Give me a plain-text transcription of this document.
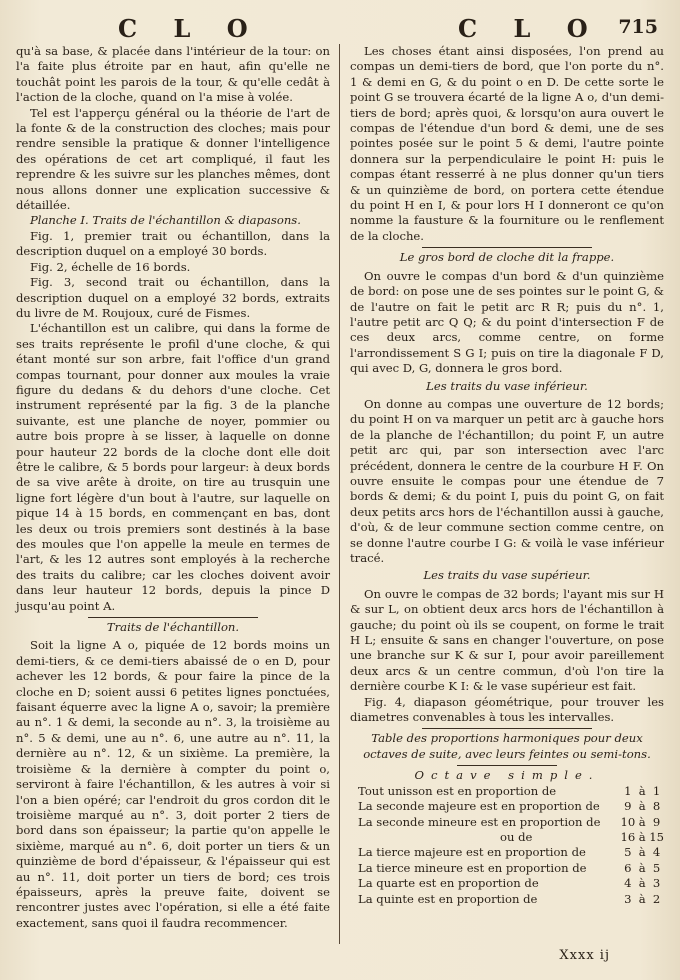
C L O	C L O 715

qu'à sa base, & placée dans l'intérieur de la tour: on l'a faite plus étroite par en haut, afin qu'elle ne touchât point les parois de la tour, & qu'elle cedât à l'action de la cloche, quand on l'a mise à volée.

Tel est l'apperçu général ou la théorie de l'art de la fonte & de la construction des cloches; mais pour rendre sensible la pratique & donner l'intelligence des opérations de cet art compliqué, il faut les reprendre & les suivre sur les planches mêmes, dont nous allons donner une explication successive & détaillée.

Planche I. Traits de l'échantillon & diapasons.

Fig. 1, premier trait ou échantillon, dans la description duquel on a employé 30 bords.

Fig. 2, échelle de 16 bords.

Fig. 3, second trait ou échantillon, dans la description duquel on a employé 32 bords, extraits du livre de M. Roujoux, curé de Fismes.

L'échantillon est un calibre, qui dans la forme de ses traits représente le profil d'une cloche, & qui étant monté sur son arbre, fait l'office d'un grand compas tournant, pour donner aux moules la vraie figure du dedans & du dehors d'une cloche. Cet instrument représenté par la fig. 3 de la planche suivante, est une planche de noyer, pommier ou autre bois propre à se lisser, à laquelle on donne pour hauteur 22 bords de la cloche dont elle doit être le calibre, & 5 bords pour largeur: à deux bords de sa vive arête à droite, on tire au trusquin une ligne fort légère d'un bout à l'autre, sur laquelle on pique 14 à 15 bords, en commençant en bas, dont les deux ou trois premiers sont destinés à la base des moules que l'on appelle la meule en termes de l'art, & les 12 autres sont employés à la recherche des traits du calibre; car les cloches doivent avoir dans leur hauteur 12 bords, depuis la pince D jusqu'au point A.

Traits de l'échantillon.

Soit la ligne A o, piquée de 12 bords moins un demi-tiers, & ce demi-tiers abaissé de o en D, pour achever les 12 bords, & pour faire la pince de la cloche en D; soient aussi 6 petites lignes ponctuées, faisant équerre avec la ligne A o, savoir; la première au n°. 1 & demi, la seconde au n°. 3, la troisième au n°. 5 & demi, une au n°. 6, une autre au n°. 11, la dernière au n°. 12, & un sixième. La première, la troisième & la dernière à compter du point o, serviront à faire l'échantillon, & les autres à voir si l'on a bien opéré; car l'endroit du gros cordon dit le troisième marqué au n°. 3, doit porter 2 tiers de bord dans son épaisseur; la partie qu'on appelle le sixième, marqué au n°. 6, doit porter un tiers & un quinzième de bord d'épaisseur, & l'épaisseur qui est au n°. 11, doit porter un tiers de bord; ces trois épaisseurs, après la preuve faite, doivent se rencontrer justes avec l'opération, si elle a été faite exactement, sans quoi il faudra recommencer.

Les choses étant ainsi disposées, l'on prend au compas un demi-tiers de bord, que l'on porte du n°. 1 & demi en G, & du point o en D. De cette sorte le point G se trouvera écarté de la ligne A o, d'un demi-tiers de bord; après quoi, & lorsqu'on aura ouvert le compas de l'étendue d'un bord & demi, une de ses pointes posée sur le point 5 & demi, l'autre pointe donnera sur la perpendiculaire le point H: puis le compas étant resserré à ne plus donner qu'un tiers & un quinzième de bord, on portera cette étendue du point H en I, & pour lors H I donneront ce qu'on nomme la fausture & la fourniture ou le renflement de la cloche.

Le gros bord de cloche dit la frappe.

On ouvre le compas d'un bord & d'un quinzième de bord: on pose une de ses pointes sur le point G, & de l'autre on fait le petit arc R R; puis du n°. 1, l'autre petit arc Q Q; & du point d'intersection F de ces deux arcs, comme centre, on forme l'arrondissement S G I; puis on tire la diagonale F D, qui avec D, G, donnera le gros bord.

Les traits du vase inférieur.

On donne au compas une ouverture de 12 bords; du point H on va marquer un petit arc à gauche hors de la planche de l'échantillon; du point F, un autre petit arc qui, par son intersection avec l'arc précédent, donnera le centre de la courbure H F. On ouvre ensuite le compas pour une étendue de 7 bords & demi; & du point I, puis du point G, on fait deux petits arcs hors de l'échantillon aussi à gauche, d'où, & de leur commune section comme centre, on se donne l'autre courbe I G: & voilà le vase inférieur tracé.

Les traits du vase supérieur.

On ouvre le compas de 32 bords; l'ayant mis sur H & sur L, on obtient deux arcs hors de l'échantillon à gauche; du point où ils se coupent, on forme le trait H L; ensuite & sans en changer l'ouverture, on pose une branche sur K & sur I, pour avoir pareillement deux arcs & un centre commun, d'où l'on tire la dernière courbe K I: & le vase supérieur est fait.

Fig. 4, diapason géométrique, pour trouver les diametres convenables à tous les intervalles.

Table des proportions harmoniques pour deux octaves de suite, avec leurs feintes ou semi-tons.

Octave simple.

Tout unisson est en proportion de	1	à	1
La seconde majeure est en proportion de	9	à	8
La seconde mineure est en proportion de	10	à	9
ou de	16	à	15
La tierce majeure est en proportion de	5	à	4
La tierce mineure est en proportion de	6	à	5
La quarte est en proportion de	4	à	3
La quinte est en proportion de	3	à	2
Xxxx ij
